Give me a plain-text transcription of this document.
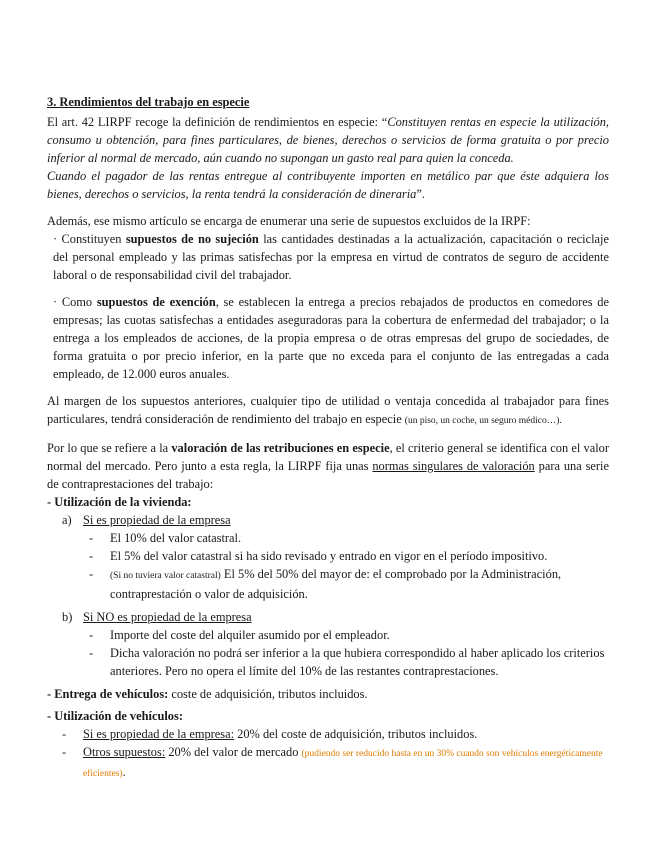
3. Rendimientos del trabajo en especie

El art. 42 LIRPF recoge la definición de rendimientos en especie: “Constituyen rentas en especie la utilización, consumo u obtención, para fines particulares, de bienes, derechos o servicios de forma gratuita o por precio inferior al normal de mercado, aún cuando no supongan un gasto real para quien la conceda.

Cuando el pagador de las rentas entregue al contribuyente importen en metálico par que éste adquiera los bienes, derechos o servicios, la renta tendrá la consideración de dineraria”.

Además, ese mismo artículo se encarga de enumerar una serie de supuestos excluidos de la IRPF:

· Constituyen supuestos de no sujeción las cantidades destinadas a la actualización, capacitación o reciclaje del personal empleado y las primas satisfechas por la empresa en virtud de contratos de seguro de accidente laboral o de responsabilidad civil del trabajador.

· Como supuestos de exención, se establecen la entrega a precios rebajados de productos en comedores de empresas; las cuotas satisfechas a entidades aseguradoras para la cobertura de enfermedad del trabajador; o la entrega a los empleados de acciones, de la propia empresa o de otras empresas del grupo de sociedades, de forma gratuita o por precio inferior, en la parte que no exceda para el conjunto de las entregadas a cada empleado, de 12.000 euros anuales.

Al margen de los supuestos anteriores, cualquier tipo de utilidad o ventaja concedida al trabajador para fines particulares, tendrá consideración de rendimiento del trabajo en especie (un piso, un coche, un seguro médico…).

Por lo que se refiere a la valoración de las retribuciones en especie, el criterio general se identifica con el valor normal del mercado. Pero junto a esta regla, la LIRPF fija unas normas singulares de valoración para una serie de contraprestaciones del trabajo:

- Utilización de la vivienda:

a) Si es propiedad de la empresa
-	El 10% del valor catastral.
-	El 5% del valor catastral si ha sido revisado y entrado en vigor en el período impositivo.
-	(Si no tuviera valor catastral) El 5% del 50% del mayor de: el comprobado por la Administración, contraprestación o valor de adquisición.
b) Si NO es propiedad de la empresa
-	Importe del coste del alquiler asumido por el empleador.
-	Dicha valoración no podrá ser inferior a la que hubiera correspondido al haber aplicado los criterios anteriores. Pero no opera el límite del 10% de las restantes contraprestaciones.

- Entrega de vehículos: coste de adquisición, tributos incluidos.

- Utilización de vehículos:

-	Si es propiedad de la empresa: 20% del coste de adquisición, tributos incluidos.
-	Otros supuestos: 20% del valor de mercado (pudiendo ser reducido hasta en un 30% cuando son vehículos energéticamente eficientes).
